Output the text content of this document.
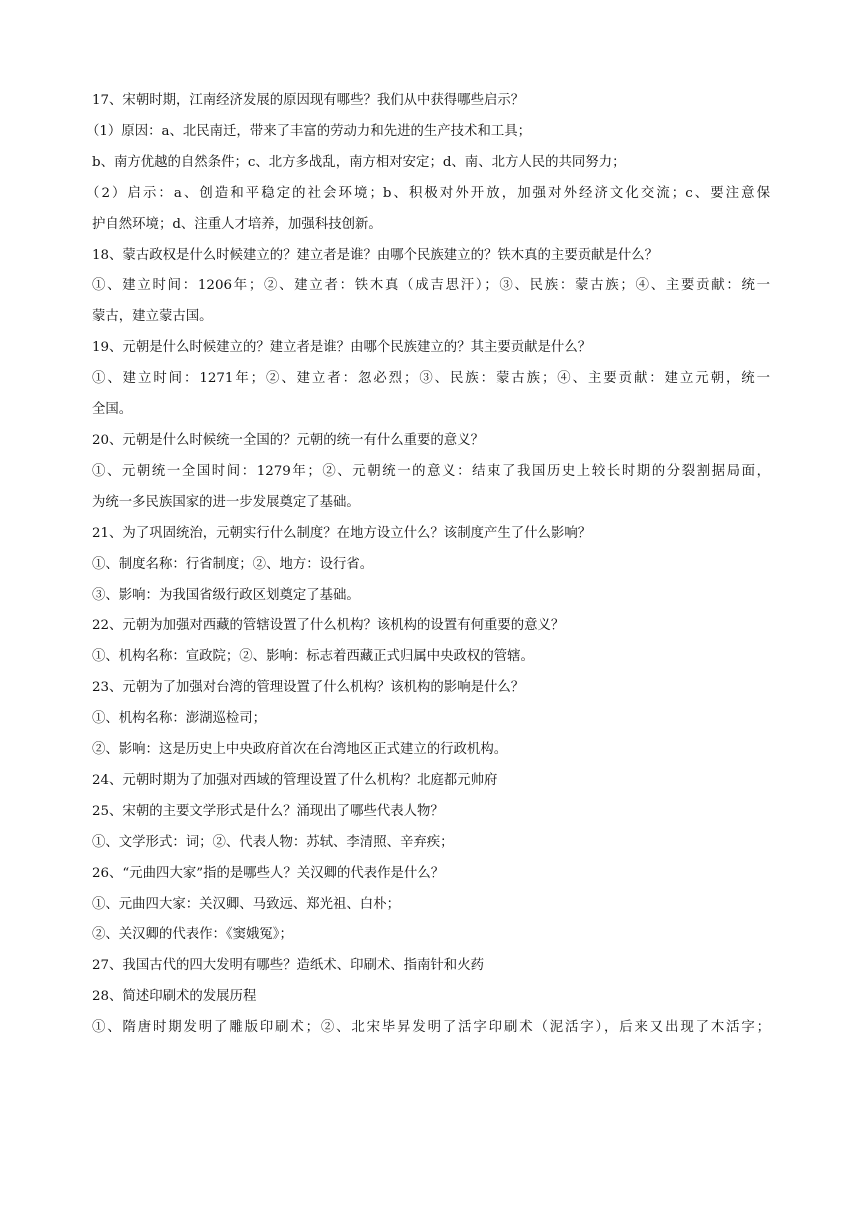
17、宋朝时期，江南经济发展的原因现有哪些？我们从中获得哪些启示？

（1）原因：a、北民南迁，带来了丰富的劳动力和先进的生产技术和工具；

b、南方优越的自然条件；c、北方多战乱，南方相对安定；d、南、北方人民的共同努力；

（2）启示：a、创造和平稳定的社会环境；b、积极对外开放，加强对外经济文化交流；c、要注意保

护自然环境；d、注重人才培养，加强科技创新。

18、蒙古政权是什么时候建立的？建立者是谁？由哪个民族建立的？铁木真的主要贡献是什么？

①、建立时间：1206年；②、建立者：铁木真（成吉思汗）；③、民族：蒙古族；④、主要贡献：统一

蒙古，建立蒙古国。

19、元朝是什么时候建立的？建立者是谁？由哪个民族建立的？其主要贡献是什么？

①、建立时间：1271年；②、建立者：忽必烈；③、民族：蒙古族；④、主要贡献：建立元朝，统一

全国。

20、元朝是什么时候统一全国的？元朝的统一有什么重要的意义？

①、元朝统一全国时间：1279年；②、元朝统一的意义：结束了我国历史上较长时期的分裂割据局面，

为统一多民族国家的进一步发展奠定了基础。

21、为了巩固统治，元朝实行什么制度？在地方设立什么？该制度产生了什么影响？

①、制度名称：行省制度；②、地方：设行省。

③、影响：为我国省级行政区划奠定了基础。

22、元朝为加强对西藏的管辖设置了什么机构？该机构的设置有何重要的意义？

①、机构名称：宣政院；②、影响：标志着西藏正式归属中央政权的管辖。

23、元朝为了加强对台湾的管理设置了什么机构？该机构的影响是什么？

①、机构名称：澎湖巡检司；

②、影响：这是历史上中央政府首次在台湾地区正式建立的行政机构。

24、元朝时期为了加强对西域的管理设置了什么机构？北庭都元帅府

25、宋朝的主要文学形式是什么？涌现出了哪些代表人物？

①、文学形式：词；②、代表人物：苏轼、李清照、辛弃疾；

26、“元曲四大家”指的是哪些人？关汉卿的代表作是什么？

①、元曲四大家：关汉卿、马致远、郑光祖、白朴；

②、关汉卿的代表作：《窦娥冤》；

27、我国古代的四大发明有哪些？造纸术、印刷术、指南针和火药

28、简述印刷术的发展历程

①、隋唐时期发明了雕版印刷术；②、北宋毕昇发明了活字印刷术（泥活字），后来又出现了木活字；
